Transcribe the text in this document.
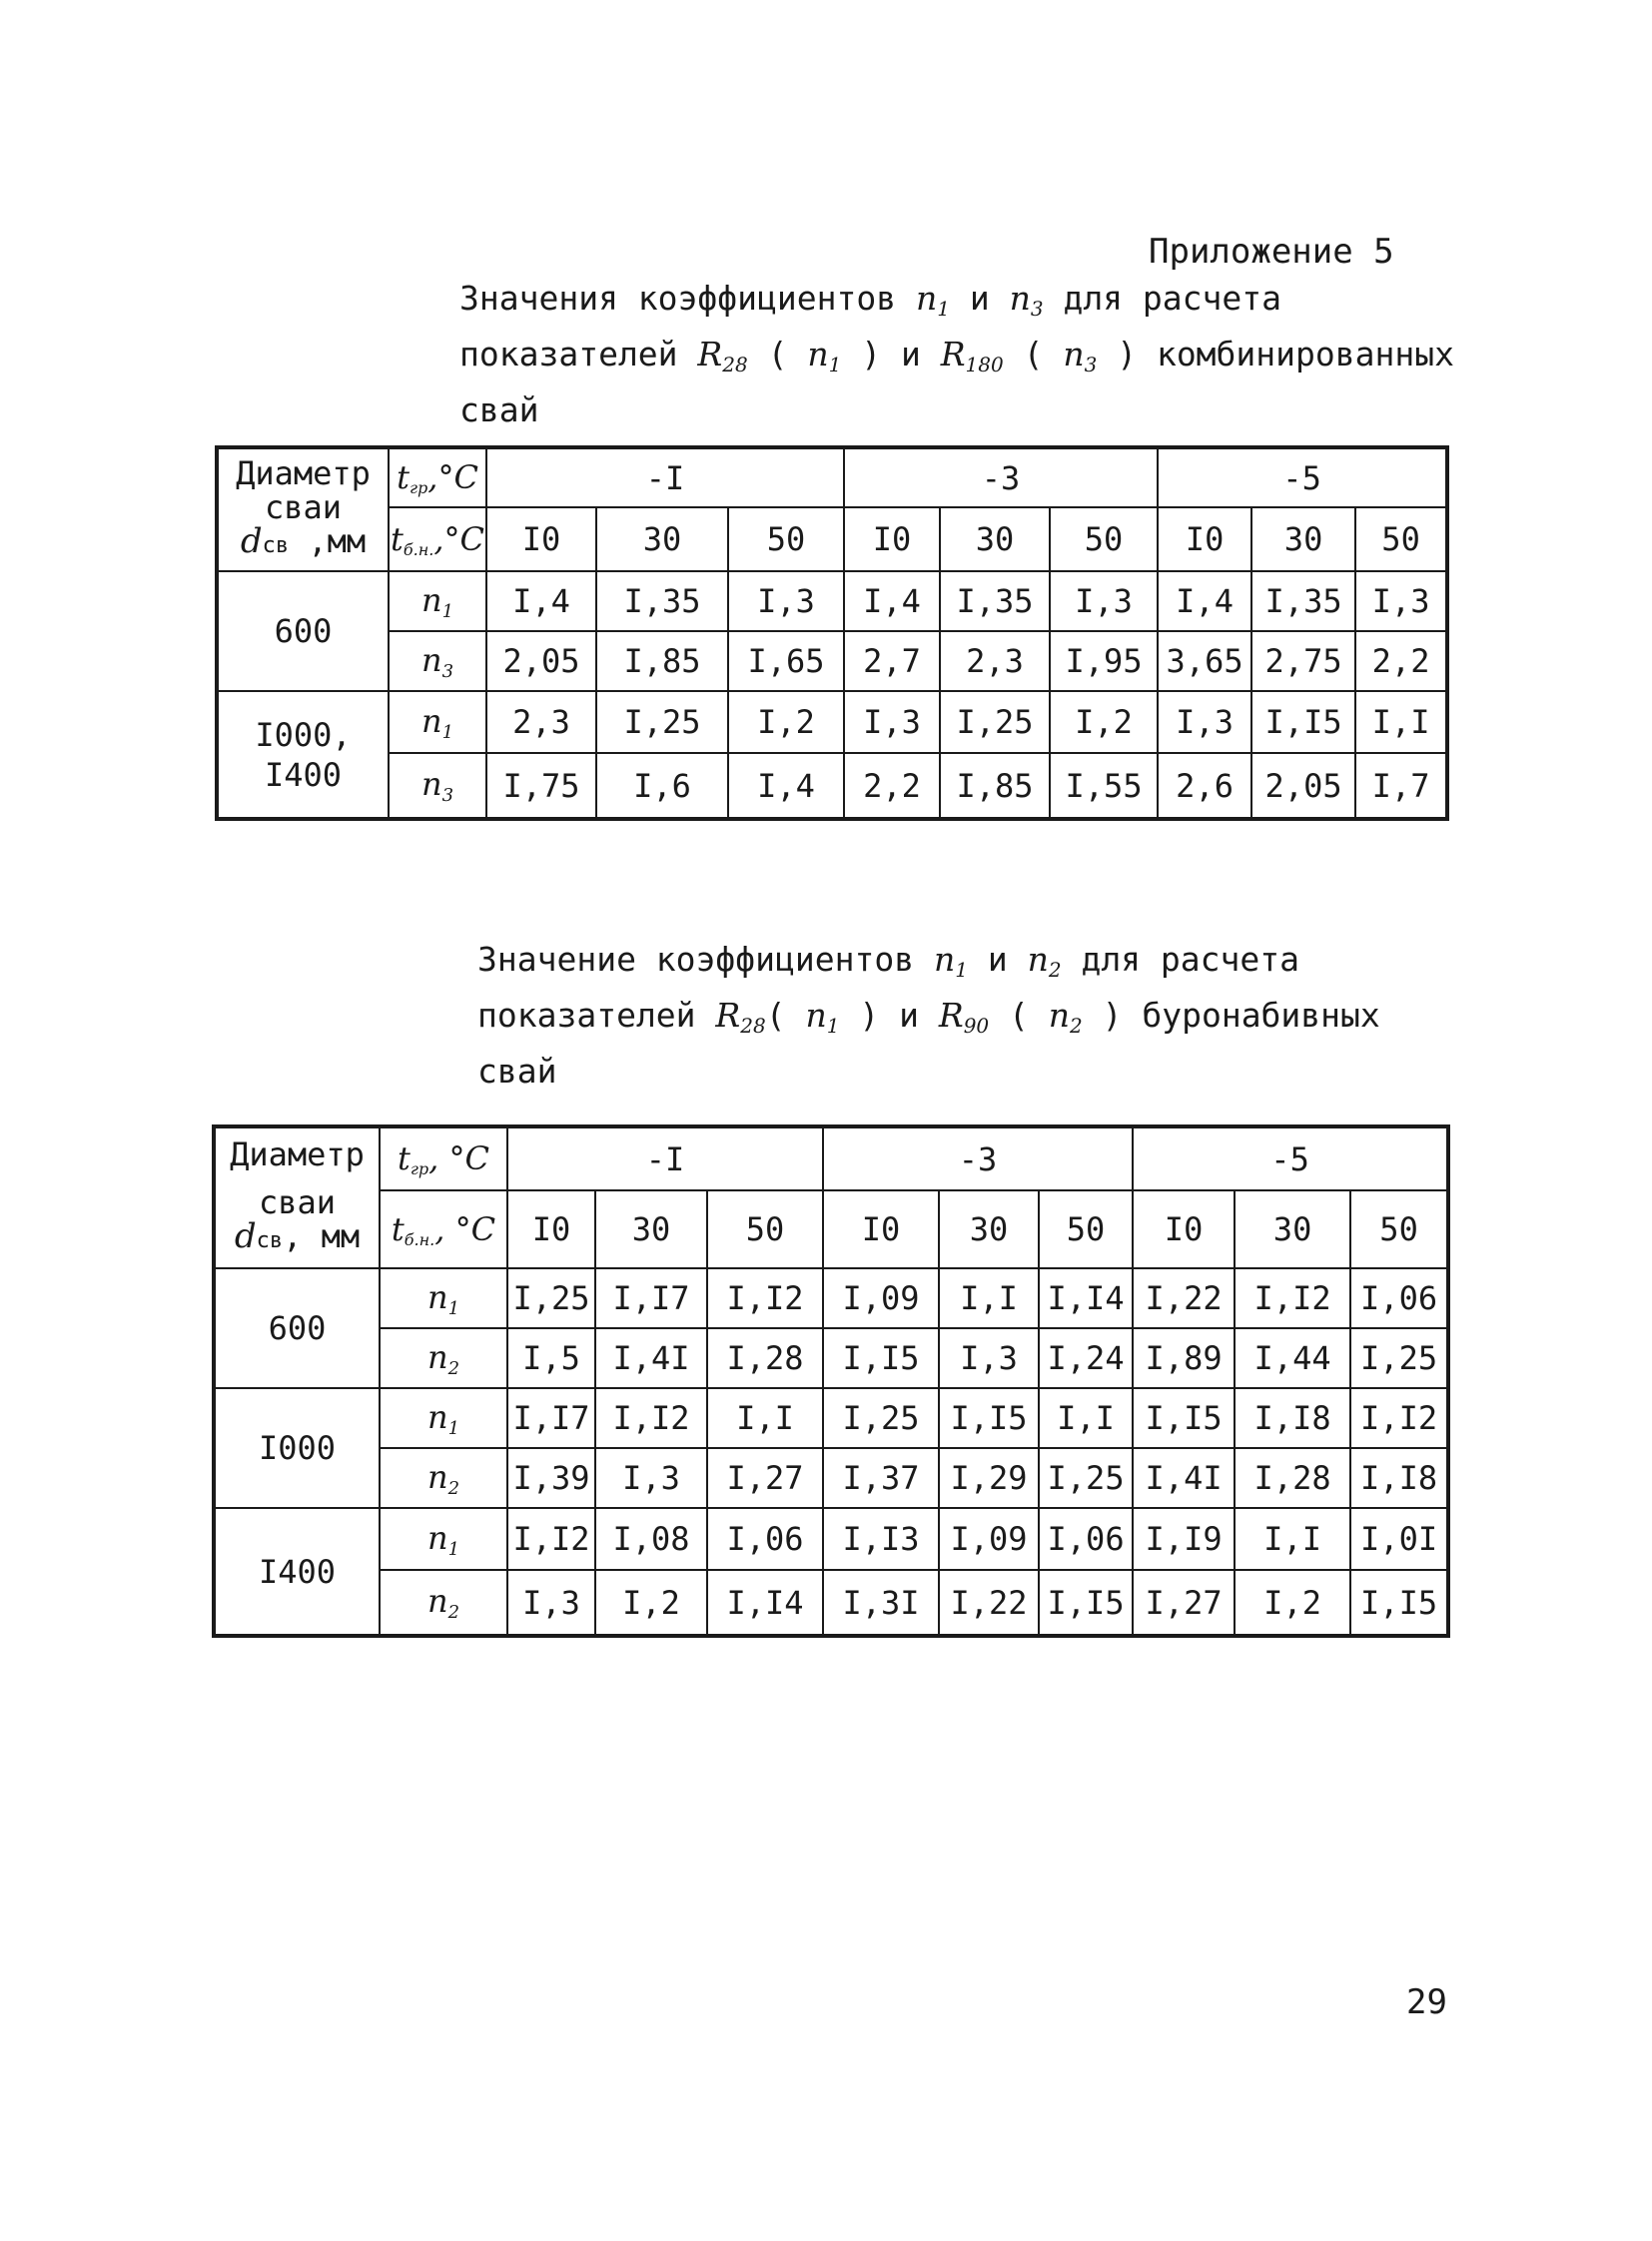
Приложение 5
Значения коэффициентов $n_1$ и $n_3$ для расчета
показателей $R_{28}$ ( $n_1$ ) и $R_{180}$ ( $n_3$ ) комбинированных
свай
Диаметр
сваи
dсв ,мм	$t_{гр},^\circ C$	-I			-3			-5		
	$t_{б.н.},^\circ C$	I0	30	50	I0	30	50	I0	30	50
600	$n_1$	I,4	I,35	I,3	I,4	I,35	I,3	I,4	I,35	I,3
	$n_3$	2,05	I,85	I,65	2,7	2,3	I,95	3,65	2,75	2,2

I000,
I400	$n_1$	2,3	I,25	I,2	I,3	I,25	I,2	I,3	I,I5	I,I
	$n_3$	I,75	I,6	I,4	2,2	I,85	I,55	2,6	2,05	I,7
Значение коэффициентов $n_1$ и $n_2$ для расчета
показателей $R_{28}$( $n_1$ ) и $R_{90}$ ( $n_2$ ) буронабивных
свай
Диаметр
сваи
dсв, мм	$t_{гр}$, °C	-I			-3			-5		
	$t_{б.н.}$, °C	I0	30	50	I0	30	50	I0	30	50
600	$n_1$	I,25	I,I7	I,I2	I,09	I,I	I,I4	I,22	I,I2	I,06
	$n_2$	I,5	I,4I	I,28	I,I5	I,3	I,24	I,89	I,44	I,25
I000	$n_1$	I,I7	I,I2	I,I	I,25	I,I5	I,I	I,I5	I,I8	I,I2
	$n_2$	I,39	I,3	I,27	I,37	I,29	I,25	I,4I	I,28	I,I8
I400	$n_1$	I,I2	I,08	I,06	I,I3	I,09	I,06	I,I9	I,I	I,0I
	$n_2$	I,3	I,2	I,I4	I,3I	I,22	I,I5	I,27	I,2	I,I5
29
